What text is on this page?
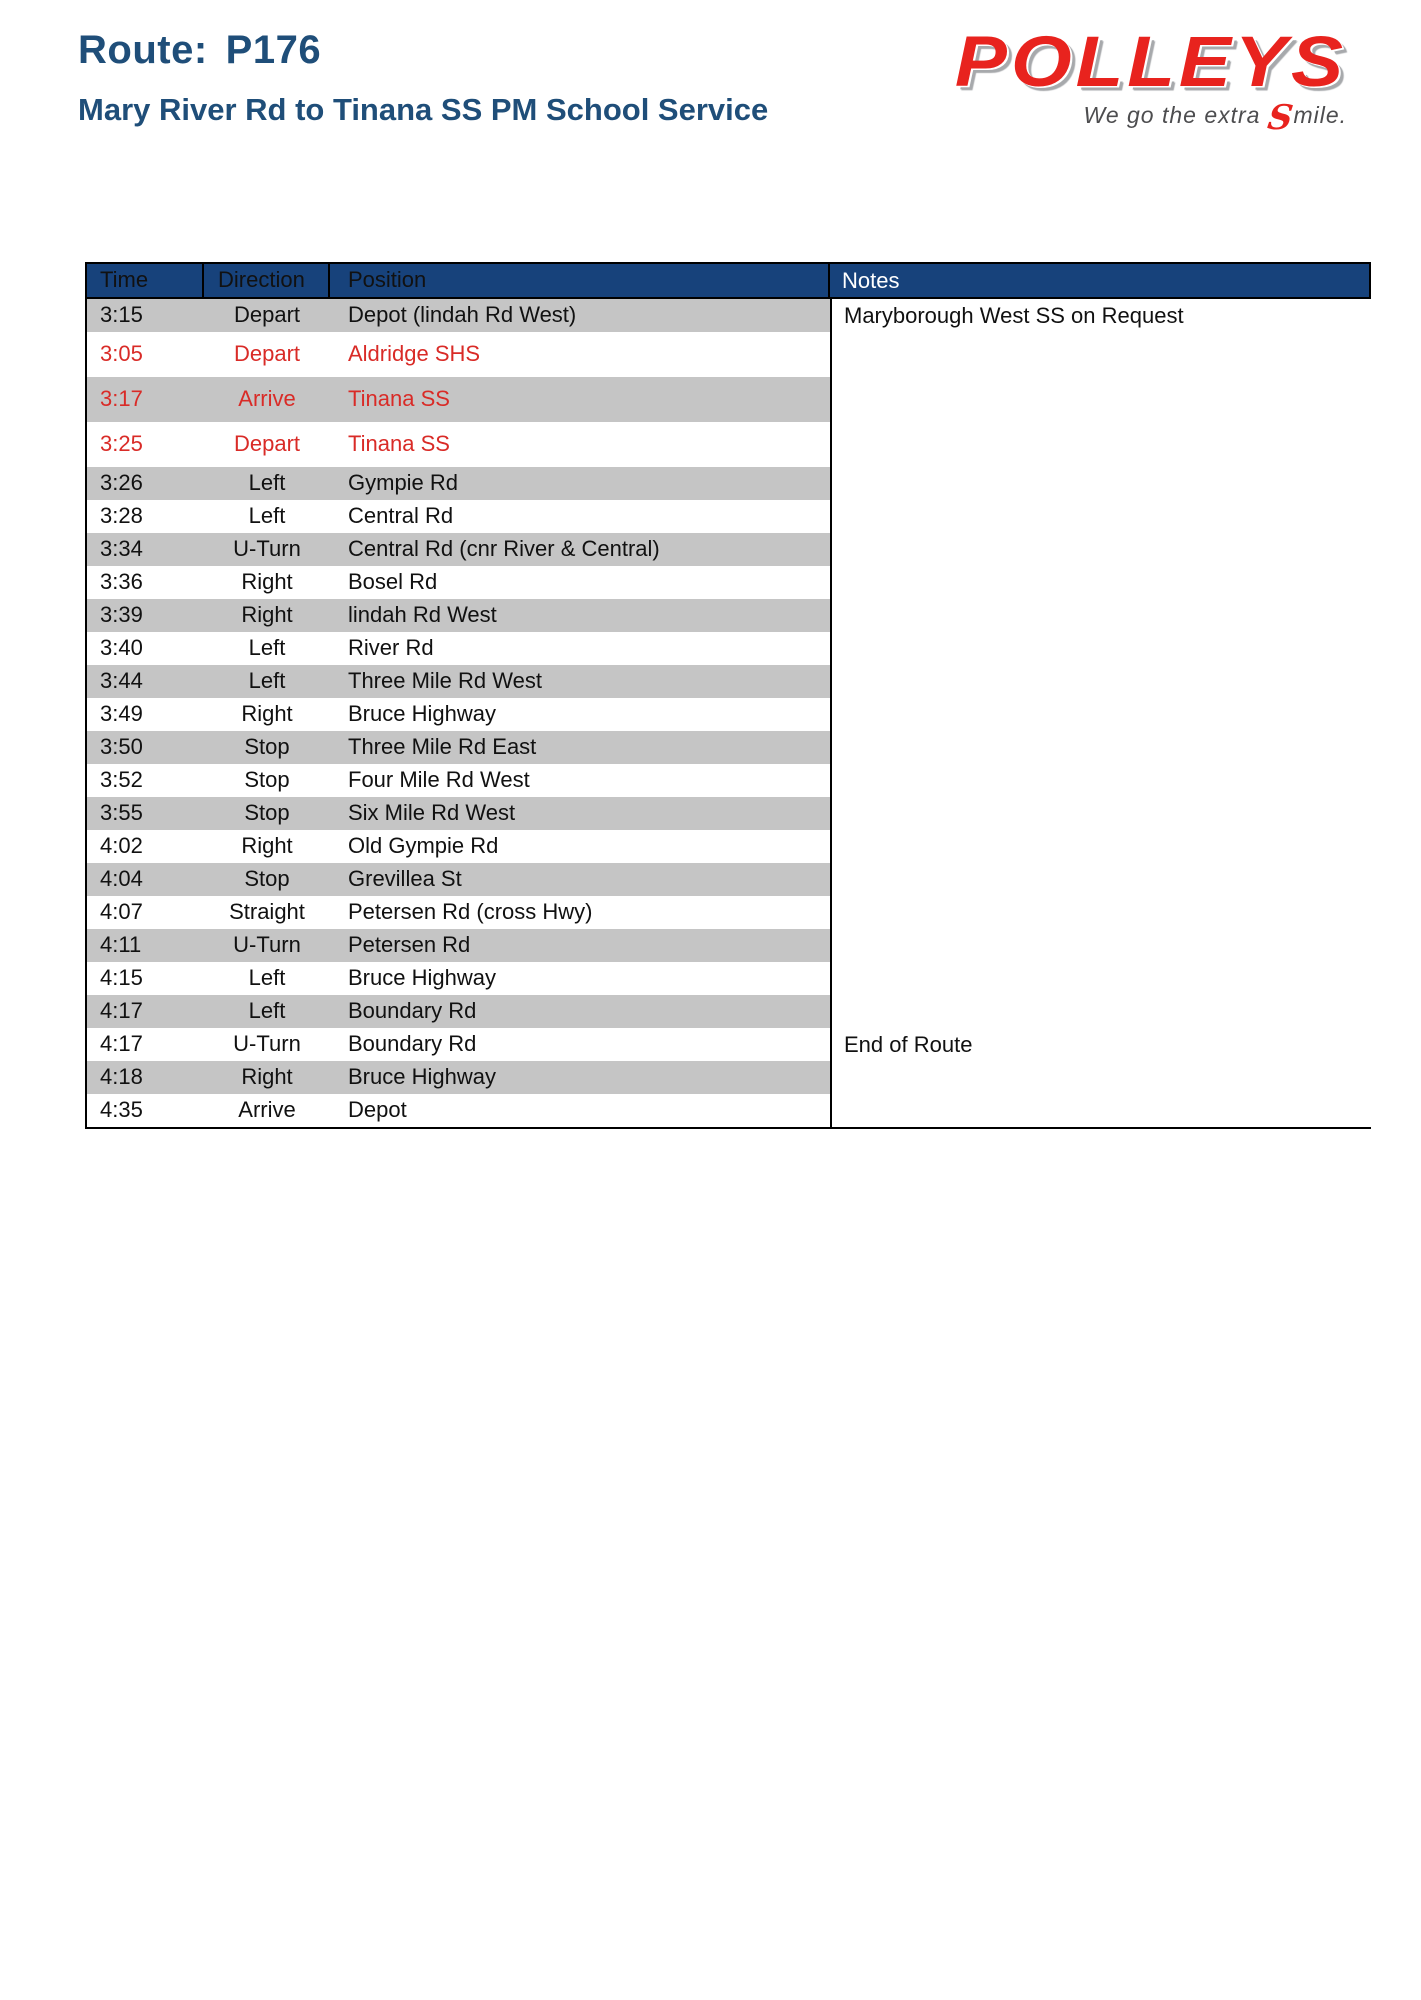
Route: P176
Mary River Rd to Tinana SS PM School Service
POLLEYS
We go the extra Smile.
Time	Direction	Position	Notes
3:15	Depart	Depot (lindah Rd West)	Maryborough West SS on Request
3:05	Depart	Aldridge SHS
3:17	Arrive	Tinana SS
3:25	Depart	Tinana SS
3:26	Left	Gympie Rd
3:28	Left	Central Rd
3:34	U-Turn	Central Rd (cnr River & Central)
3:36	Right	Bosel Rd
3:39	Right	lindah Rd West
3:40	Left	River Rd
3:44	Left	Three Mile Rd West
3:49	Right	Bruce Highway
3:50	Stop	Three Mile Rd East
3:52	Stop	Four Mile Rd West
3:55	Stop	Six Mile Rd West
4:02	Right	Old Gympie Rd
4:04	Stop	Grevillea St
4:07	Straight	Petersen Rd (cross Hwy)
4:11	U-Turn	Petersen Rd
4:15	Left	Bruce Highway
4:17	Left	Boundary Rd
4:17	U-Turn	Boundary Rd	End of Route
4:18	Right	Bruce Highway
4:35	Arrive	Depot
